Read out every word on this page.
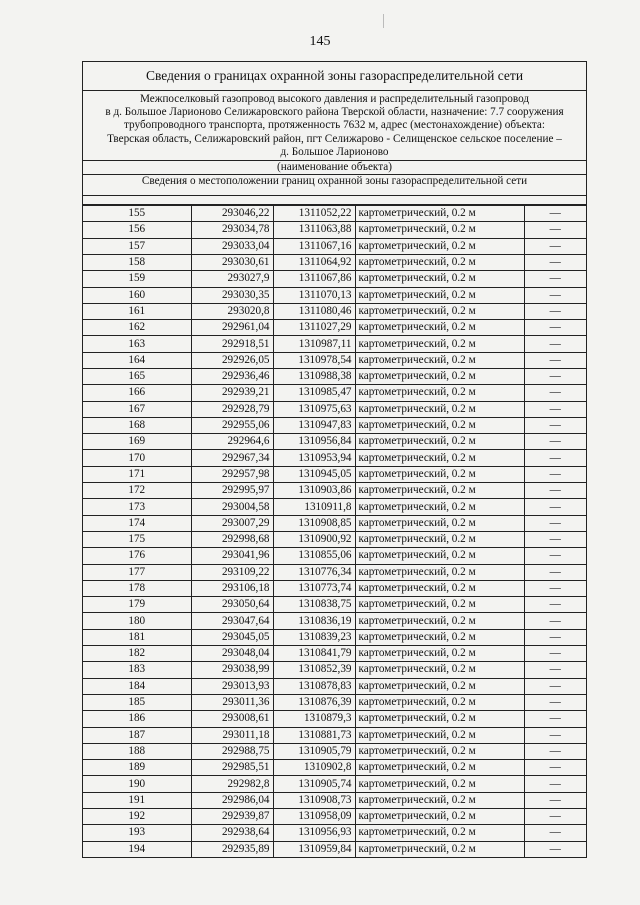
145
Сведения о границах охранной зоны газораспределительной сети
Межпоселковый газопровод высокого давления и распределительный газопровод
в д. Большое Ларионово Селижаровского района Тверской области, назначение: 7.7 сооружения
трубопроводного транспорта, протяженность 7632 м, адрес (местонахождение) объекта:
Тверская область, Селижаровский район, пгт Селижарово - Селищенское сельское поселение –
д. Большое Ларионово
(наименование объекта)
Сведения о местоположении границ охранной зоны газораспределительной сети
155	293046,22	1311052,22	картометрический, 0.2 м	—
156	293034,78	1311063,88	картометрический, 0.2 м	—
157	293033,04	1311067,16	картометрический, 0.2 м	—
158	293030,61	1311064,92	картометрический, 0.2 м	—
159	293027,9	1311067,86	картометрический, 0.2 м	—
160	293030,35	1311070,13	картометрический, 0.2 м	—
161	293020,8	1311080,46	картометрический, 0.2 м	—
162	292961,04	1311027,29	картометрический, 0.2 м	—
163	292918,51	1310987,11	картометрический, 0.2 м	—
164	292926,05	1310978,54	картометрический, 0.2 м	—
165	292936,46	1310988,38	картометрический, 0.2 м	—
166	292939,21	1310985,47	картометрический, 0.2 м	—
167	292928,79	1310975,63	картометрический, 0.2 м	—
168	292955,06	1310947,83	картометрический, 0.2 м	—
169	292964,6	1310956,84	картометрический, 0.2 м	—
170	292967,34	1310953,94	картометрический, 0.2 м	—
171	292957,98	1310945,05	картометрический, 0.2 м	—
172	292995,97	1310903,86	картометрический, 0.2 м	—
173	293004,58	1310911,8	картометрический, 0.2 м	—
174	293007,29	1310908,85	картометрический, 0.2 м	—
175	292998,68	1310900,92	картометрический, 0.2 м	—
176	293041,96	1310855,06	картометрический, 0.2 м	—
177	293109,22	1310776,34	картометрический, 0.2 м	—
178	293106,18	1310773,74	картометрический, 0.2 м	—
179	293050,64	1310838,75	картометрический, 0.2 м	—
180	293047,64	1310836,19	картометрический, 0.2 м	—
181	293045,05	1310839,23	картометрический, 0.2 м	—
182	293048,04	1310841,79	картометрический, 0.2 м	—
183	293038,99	1310852,39	картометрический, 0.2 м	—
184	293013,93	1310878,83	картометрический, 0.2 м	—
185	293011,36	1310876,39	картометрический, 0.2 м	—
186	293008,61	1310879,3	картометрический, 0.2 м	—
187	293011,18	1310881,73	картометрический, 0.2 м	—
188	292988,75	1310905,79	картометрический, 0.2 м	—
189	292985,51	1310902,8	картометрический, 0.2 м	—
190	292982,8	1310905,74	картометрический, 0.2 м	—
191	292986,04	1310908,73	картометрический, 0.2 м	—
192	292939,87	1310958,09	картометрический, 0.2 м	—
193	292938,64	1310956,93	картометрический, 0.2 м	—
194	292935,89	1310959,84	картометрический, 0.2 м	—
